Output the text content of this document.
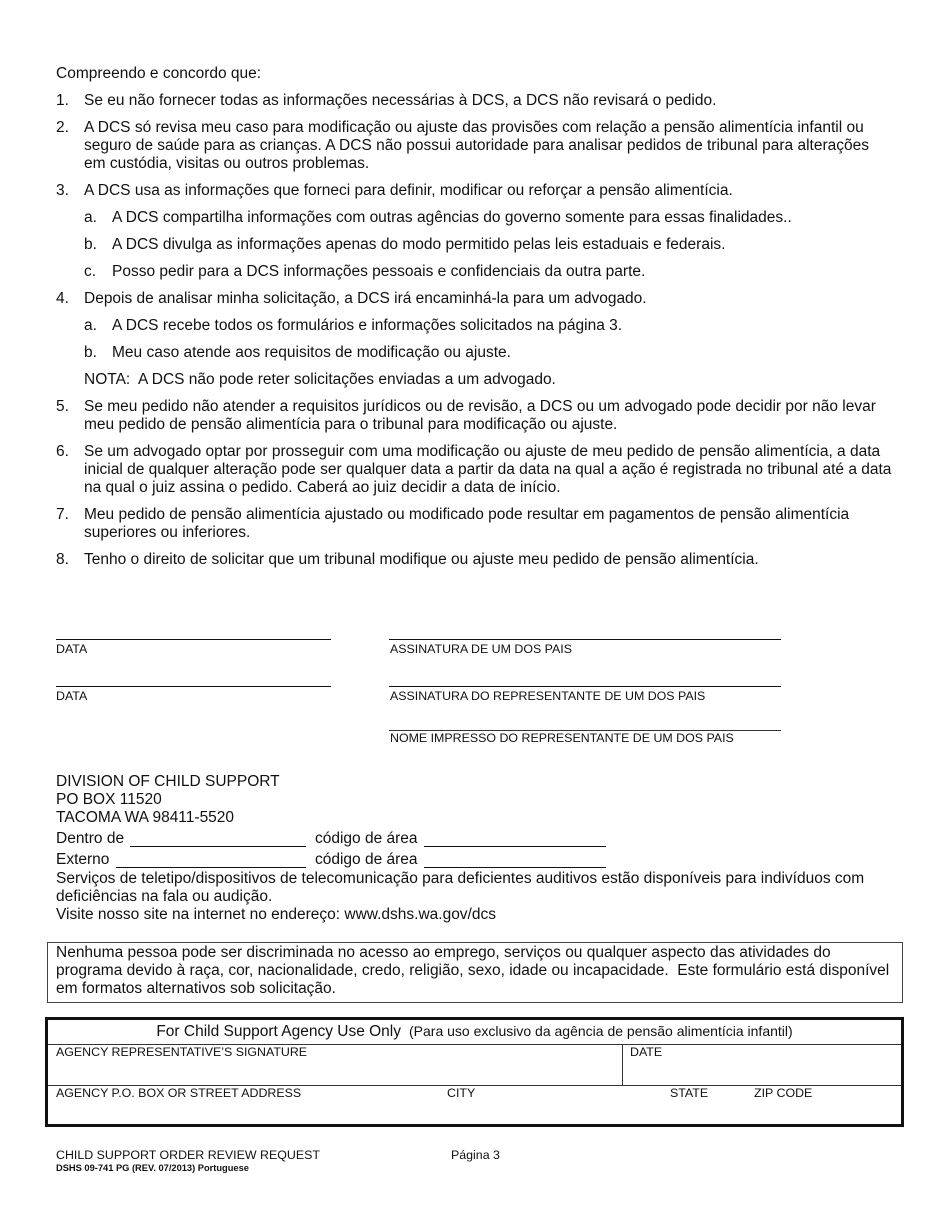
Compreendo e concordo que:
1. Se eu não fornecer todas as informações necessárias à DCS, a DCS não revisará o pedido.
2. A DCS só revisa meu caso para modificação ou ajuste das provisões com relação a pensão alimentícia infantil ou
seguro de saúde para as crianças. A DCS não possui autoridade para analisar pedidos de tribunal para alterações
em custódia, visitas ou outros problemas.
3. A DCS usa as informações que forneci para definir, modificar ou reforçar a pensão alimentícia.
a. A DCS compartilha informações com outras agências do governo somente para essas finalidades..
b. A DCS divulga as informações apenas do modo permitido pelas leis estaduais e federais.
c. Posso pedir para a DCS informações pessoais e confidenciais da outra parte.
4. Depois de analisar minha solicitação, a DCS irá encaminhá-la para um advogado.
a. A DCS recebe todos os formulários e informações solicitados na página 3.
b. Meu caso atende aos requisitos de modificação ou ajuste.
NOTA:  A DCS não pode reter solicitações enviadas a um advogado.
5. Se meu pedido não atender a requisitos jurídicos ou de revisão, a DCS ou um advogado pode decidir por não levar
meu pedido de pensão alimentícia para o tribunal para modificação ou ajuste.
6. Se um advogado optar por prosseguir com uma modificação ou ajuste de meu pedido de pensão alimentícia, a data
inicial de qualquer alteração pode ser qualquer data a partir da data na qual a ação é registrada no tribunal até a data
na qual o juiz assina o pedido. Caberá ao juiz decidir a data de início.
7. Meu pedido de pensão alimentícia ajustado ou modificado pode resultar em pagamentos de pensão alimentícia
superiores ou inferiores.
8. Tenho o direito de solicitar que um tribunal modifique ou ajuste meu pedido de pensão alimentícia.
DATA	ASSINATURA DE UM DOS PAIS
DATA	ASSINATURA DO REPRESENTANTE DE UM DOS PAIS
NOME IMPRESSO DO REPRESENTANTE DE UM DOS PAIS
DIVISION OF CHILD SUPPORT
PO BOX 11520
TACOMA WA 98411-5520
Dentro de	código de área
Externo	código de área
Serviços de teletipo/dispositivos de telecomunicação para deficientes auditivos estão disponíveis para indivíduos com
deficiências na fala ou audição.
Visite nosso site na internet no endereço: www.dshs.wa.gov/dcs
Nenhuma pessoa pode ser discriminada no acesso ao emprego, serviços ou qualquer aspecto das atividades do
programa devido à raça, cor, nacionalidade, credo, religião, sexo, idade ou incapacidade.  Este formulário está disponível
em formatos alternativos sob solicitação.
For Child Support Agency Use Only (Para uso exclusivo da agência de pensão alimentícia infantil)
AGENCY REPRESENTATIVE’S SIGNATURE	DATE
AGENCY P.O. BOX OR STREET ADDRESS	CITY	STATE	ZIP CODE
CHILD SUPPORT ORDER REVIEW REQUEST	Página 3
DSHS 09-741 PG (REV. 07/2013) Portuguese
